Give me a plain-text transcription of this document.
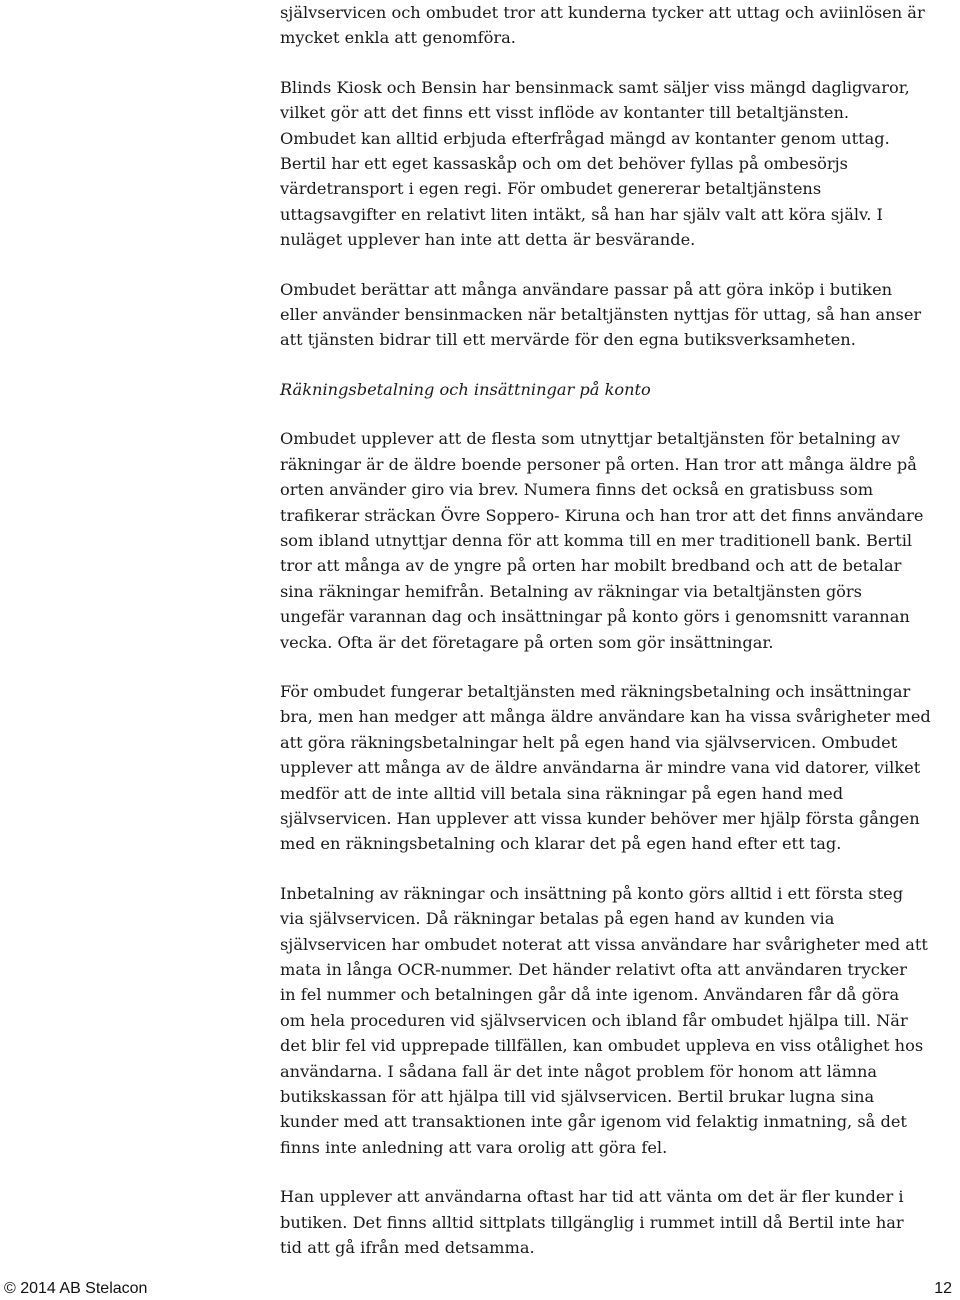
självservicen och ombudet tror att kunderna tycker att uttag och aviinlösen är
mycket enkla att genomföra.

Blinds Kiosk och Bensin har bensinmack samt säljer viss mängd dagligvaror,
vilket gör att det finns ett visst inflöde av kontanter till betaltjänsten.
Ombudet kan alltid erbjuda efterfrågad mängd av kontanter genom uttag.
Bertil har ett eget kassaskåp och om det behöver fyllas på ombesörjs
värdetransport i egen regi. För ombudet genererar betaltjänstens
uttagsavgifter en relativt liten intäkt, så han har själv valt att köra själv. I
nuläget upplever han inte att detta är besvärande.

Ombudet berättar att många användare passar på att göra inköp i butiken
eller använder bensinmacken när betaltjänsten nyttjas för uttag, så han anser
att tjänsten bidrar till ett mervärde för den egna butiksverksamheten.

Räkningsbetalning och insättningar på konto

Ombudet upplever att de flesta som utnyttjar betaltjänsten för betalning av
räkningar är de äldre boende personer på orten. Han tror att många äldre på
orten använder giro via brev. Numera finns det också en gratisbuss som
trafikerar sträckan Övre Soppero- Kiruna och han tror att det finns användare
som ibland utnyttjar denna för att komma till en mer traditionell bank. Bertil
tror att många av de yngre på orten har mobilt bredband och att de betalar
sina räkningar hemifrån. Betalning av räkningar via betaltjänsten görs
ungefär varannan dag och insättningar på konto görs i genomsnitt varannan
vecka. Ofta är det företagare på orten som gör insättningar.

För ombudet fungerar betaltjänsten med räkningsbetalning och insättningar
bra, men han medger att många äldre användare kan ha vissa svårigheter med
att göra räkningsbetalningar helt på egen hand via självservicen. Ombudet
upplever att många av de äldre användarna är mindre vana vid datorer, vilket
medför att de inte alltid vill betala sina räkningar på egen hand med
självservicen. Han upplever att vissa kunder behöver mer hjälp första gången
med en räkningsbetalning och klarar det på egen hand efter ett tag.

Inbetalning av räkningar och insättning på konto görs alltid i ett första steg
via självservicen. Då räkningar betalas på egen hand av kunden via
självservicen har ombudet noterat att vissa användare har svårigheter med att
mata in långa OCR-nummer. Det händer relativt ofta att användaren trycker
in fel nummer och betalningen går då inte igenom. Användaren får då göra
om hela proceduren vid självservicen och ibland får ombudet hjälpa till. När
det blir fel vid upprepade tillfällen, kan ombudet uppleva en viss otålighet hos
användarna. I sådana fall är det inte något problem för honom att lämna
butikskassan för att hjälpa till vid självservicen. Bertil brukar lugna sina
kunder med att transaktionen inte går igenom vid felaktig inmatning, så det
finns inte anledning att vara orolig att göra fel.

Han upplever att användarna oftast har tid att vänta om det är fler kunder i
butiken. Det finns alltid sittplats tillgänglig i rummet intill då Bertil inte har
tid att gå ifrån med detsamma.

© 2014 AB Stelacon	12
